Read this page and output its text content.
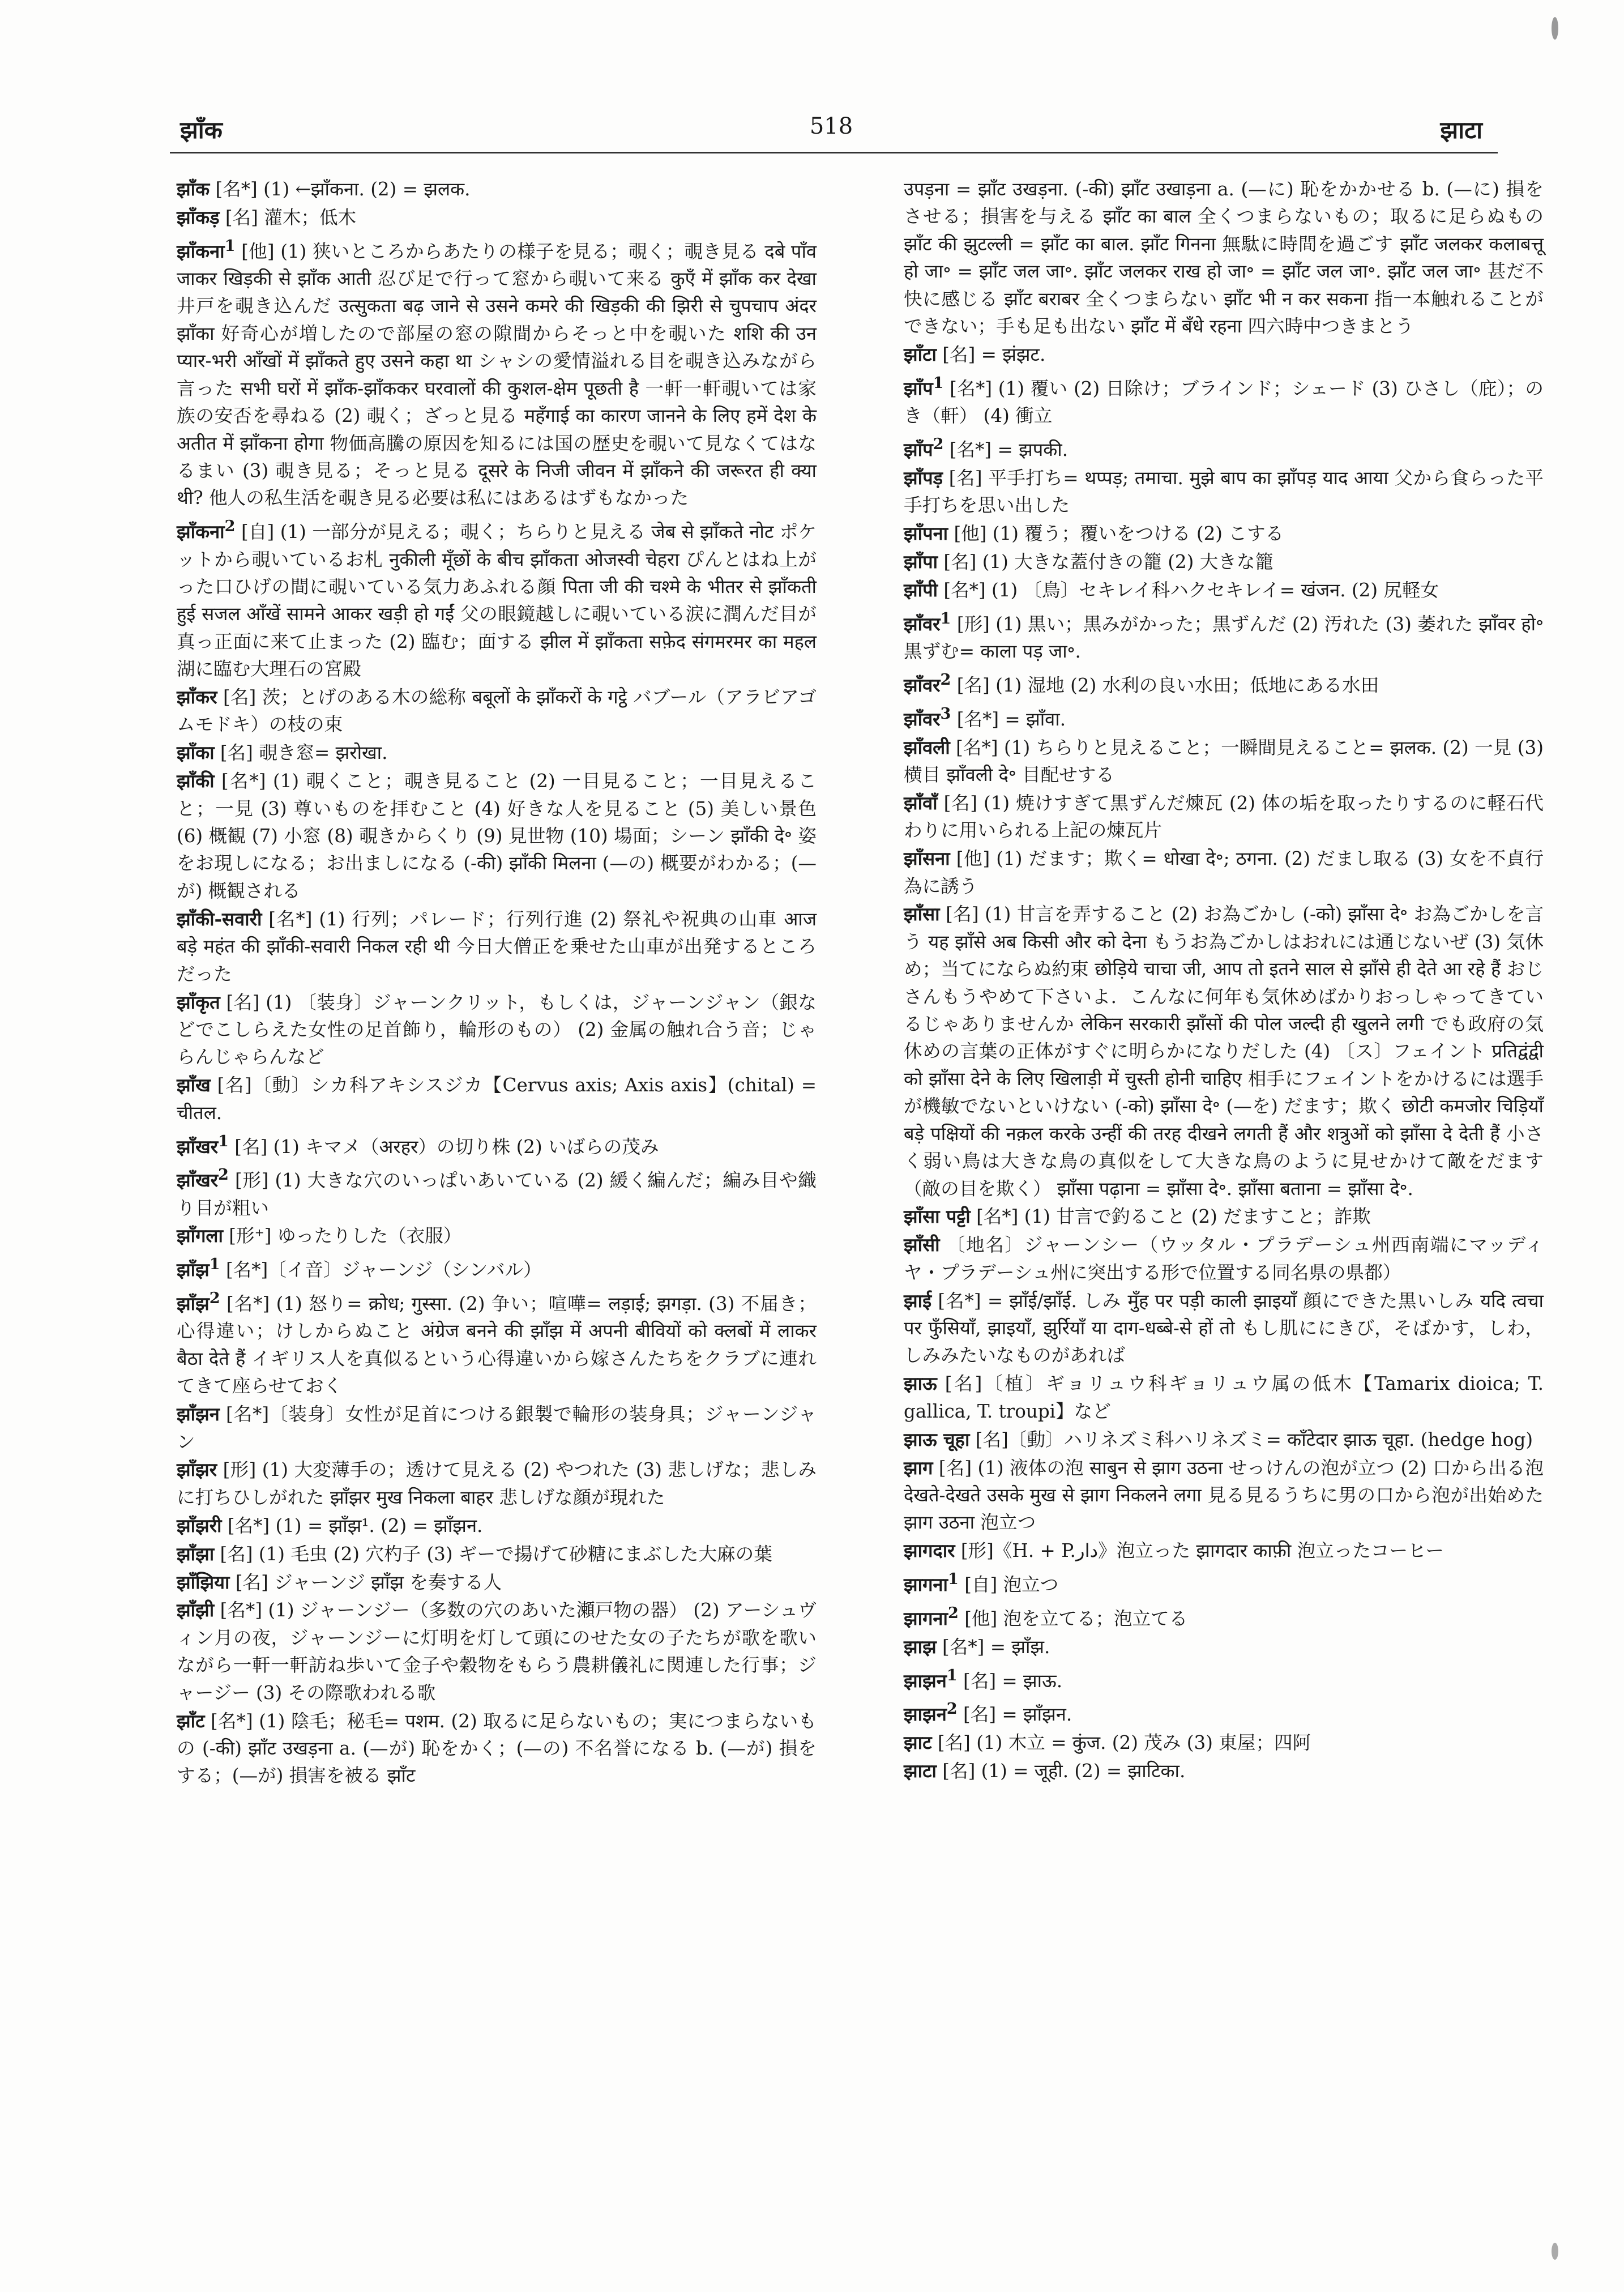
झाँक	518	झाटा

झाँक [名*] (1) ←झाँकना. (2) = झलक.

झाँकड़ [名] 灌木；低木

झाँकना$^1$ [他] (1) 狭いところからあたりの様子を見る；覗く；覗き見る दबे पाँव जाकर खिड़की से झाँक आती 忍び足で行って窓から覗いて来る कुएँ में झाँक कर देखा 井戸を覗き込んだ उत्सुकता बढ़ जाने से उसने कमरे की खिड़की की झिरी से चुपचाप अंदर झाँका 好奇心が増したので部屋の窓の隙間からそっと中を覗いた शशि की उन प्यार-भरी आँखों में झाँकते हुए उसने कहा था シャシの愛情溢れる目を覗き込みながら言った सभी घरों में झाँक-झाँककर घरवालों की कुशल-क्षेम पूछती है 一軒一軒覗いては家族の安否を尋ねる (2) 覗く；ざっと見る महँगाई का कारण जानने के लिए हमें देश के अतीत में झाँकना होगा 物価高騰の原因を知るには国の歴史を覗いて見なくてはなるまい (3) 覗き見る；そっと見る दूसरे के निजी जीवन में झाँकने की जरूरत ही क्या थी? 他人の私生活を覗き見る必要は私にはあるはずもなかった

झाँकना$^2$ [自] (1) 一部分が見える；覗く；ちらりと見える जेब से झाँकते नोट ポケットから覗いているお札 नुकीली मूँछों के बीच झाँकता ओजस्वी चेहरा ぴんとはね上がった口ひげの間に覗いている気力あふれる顔 पिता जी की चश्मे के भीतर से झाँकती हुई सजल आँखें सामने आकर खड़ी हो गईं 父の眼鏡越しに覗いている涙に潤んだ目が真っ正面に来て止まった (2) 臨む；面する झील में झाँकता सफ़ेद संगमरमर का महल 湖に臨む大理石の宮殿

झाँकर [名] 茨；とげのある木の総称 बबूलों के झाँकरों के गट्ठे バブール（アラビアゴムモドキ）の枝の束

झाँका [名] 覗き窓= झरोखा.

झाँकी [名*] (1) 覗くこと；覗き見ること (2) 一目見ること；一目見えること；一見 (3) 尊いものを拝むこと (4) 好きな人を見ること (5) 美しい景色 (6) 概観 (7) 小窓 (8) 覗きからくり (9) 見世物 (10) 場面；シーン झाँकी दे॰ 姿をお現しになる；お出ましになる (-की) झाँकी मिलना (—の) 概要がわかる；(—が) 概観される

झाँकी-सवारी [名*] (1) 行列；パレード；行列行進 (2) 祭礼や祝典の山車 आज बड़े महंत की झाँकी-सवारी निकल रही थी 今日大僧正を乗せた山車が出発するところだった

झाँकृत [名] (1) 〔装身〕ジャーンクリット，もしくは，ジャーンジャン（銀などでこしらえた女性の足首飾り，輪形のもの） (2) 金属の触れ合う音；じゃらんじゃらんなど

झाँख [名]〔動〕シカ科アキシスジカ【Cervus axis; Axis axis】(chital) = चीतल.

झाँखर$^1$ [名] (1) キマメ（अरहर）の切り株 (2) いばらの茂み

झाँखर$^2$ [形] (1) 大きな穴のいっぱいあいている (2) 緩く編んだ；編み目や織り目が粗い

झाँगला [形⁺] ゆったりした（衣服）

झाँझ$^1$ [名*]〔イ音〕ジャーンジ（シンバル）

झाँझ$^2$ [名*] (1) 怒り= क्रोध; गुस्सा. (2) 争い；喧嘩= लड़ाई; झगड़ा. (3) 不届き；心得違い；けしからぬこと अंग्रेज बनने की झाँझ में अपनी बीवियों को क्लबों में लाकर बैठा देते हैं イギリス人を真似るという心得違いから嫁さんたちをクラブに連れてきて座らせておく

झाँझन [名*]〔装身〕女性が足首につける銀製で輪形の装身具；ジャーンジャン

झाँझर [形] (1) 大変薄手の；透けて見える (2) やつれた (3) 悲しげな；悲しみに打ちひしがれた झाँझर मुख निकला बाहर 悲しげな顔が現れた

झाँझरी [名*] (1) = झाँझ¹. (2) = झाँझन.

झाँझा [名] (1) 毛虫 (2) 穴杓子 (3) ギーで揚げて砂糖にまぶした大麻の葉

झाँझिया [名] ジャーンジ झाँझ を奏する人

झाँझी [名*] (1) ジャーンジー（多数の穴のあいた瀬戸物の器） (2) アーシュヴィン月の夜，ジャーンジーに灯明を灯して頭にのせた女の子たちが歌を歌いながら一軒一軒訪ね歩いて金子や穀物をもらう農耕儀礼に関連した行事；ジャージー (3) その際歌われる歌

झाँट [名*] (1) 陰毛；秘毛= पशम. (2) 取るに足らないもの；実につまらないもの (-की) झाँट उखड़ना a. (—が) 恥をかく；(—の) 不名誉になる b. (—が) 損をする；(—が) 損害を被る झाँट

उपड़ना = झाँट उखड़ना. (-की) झाँट उखाड़ना a. (—に) 恥をかかせる b. (—に) 損をさせる；損害を与える झाँट का बाल 全くつまらないもの；取るに足らぬもの झाँट की झुटल्ली = झाँट का बाल. झाँट गिनना 無駄に時間を過ごす झाँट जलकर कलाबत्तू हो जा॰ = झाँट जल जा॰. झाँट जलकर राख हो जा॰ = झाँट जल जा॰. झाँट जल जा॰ 甚だ不快に感じる झाँट बराबर 全くつまらない झाँट भी न कर सकना 指一本触れることができない；手も足も出ない झाँट में बँधे रहना 四六時中つきまとう

झाँटा [名] = झंझट.

झाँप$^1$ [名*] (1) 覆い (2) 日除け；ブラインド；シェード (3) ひさし（庇）；のき（軒） (4) 衝立

झाँप$^2$ [名*] = झपकी.

झाँपड़ [名] 平手打ち= थप्पड़; तमाचा. मुझे बाप का झाँपड़ याद आया 父から食らった平手打ちを思い出した

झाँपना [他] (1) 覆う；覆いをつける (2) こする

झाँपा [名] (1) 大きな蓋付きの籠 (2) 大きな籠

झाँपी [名*] (1) 〔鳥〕セキレイ科ハクセキレイ= खंजन. (2) 尻軽女

झाँवर$^1$ [形] (1) 黒い；黒みがかった；黒ずんだ (2) 汚れた (3) 萎れた झाँवर हो॰ 黒ずむ= काला पड़ जा॰.

झाँवर$^2$ [名] (1) 湿地 (2) 水利の良い水田；低地にある水田

झाँवर$^3$ [名*] = झाँवा.

झाँवली [名*] (1) ちらりと見えること；一瞬間見えること= झलक. (2) 一見 (3) 横目 झाँवली दे॰ 目配せする

झाँवाँ [名] (1) 焼けすぎて黒ずんだ煉瓦 (2) 体の垢を取ったりするのに軽石代わりに用いられる上記の煉瓦片

झाँसना [他] (1) だます；欺く= धोखा दे॰; ठगना. (2) だまし取る (3) 女を不貞行為に誘う

झाँसा [名] (1) 甘言を弄すること (2) お為ごかし (-को) झाँसा दे॰ お為ごかしを言う यह झाँसे अब किसी और को देना もうお為ごかしはおれには通じないぜ (3) 気休め；当てにならぬ約束 छोड़िये चाचा जी, आप तो इतने साल से झाँसे ही देते आ रहे हैं おじさんもうやめて下さいよ．こんなに何年も気休めばかりおっしゃってきているじゃありませんか लेकिन सरकारी झाँसों की पोल जल्दी ही खुलने लगी でも政府の気休めの言葉の正体がすぐに明らかになりだした (4) 〔ス〕フェイント प्रतिद्वंद्वी को झाँसा देने के लिए खिलाड़ी में चुस्ती होनी चाहिए 相手にフェイントをかけるには選手が機敏でないといけない (-को) झाँसा दे॰ (—を) だます；欺く छोटी कमजोर चिड़ियाँ बड़े पक्षियों की नक़ल करके उन्हीं की तरह दीखने लगती हैं और शत्रुओं को झाँसा दे देती हैं 小さく弱い鳥は大きな鳥の真似をして大きな鳥のように見せかけて敵をだます（敵の目を欺く） झाँसा पढ़ाना = झाँसा दे॰. झाँसा बताना = झाँसा दे॰.

झाँसा पट्टी [名*] (1) 甘言で釣ること (2) だますこと；詐欺

झाँसी 〔地名〕ジャーンシー（ウッタル・プラデーシュ州西南端にマッディヤ・プラデーシュ州に突出する形で位置する同名県の県都）

झाई [名*] = झाँई/झाँई. しみ मुँह पर पड़ी काली झाइयाँ 顔にできた黒いしみ यदि त्वचा पर फुँसियाँ, झाइयाँ, झुर्रियाँ या दाग-धब्बे-से हों तो もし肌ににきび，そばかす，しわ，しみみたいなものがあれば

झाऊ [名]〔植〕ギョリュウ科ギョリュウ属の低木【Tamarix dioica; T. gallica, T. troupi】など

झाऊ चूहा [名]〔動〕ハリネズミ科ハリネズミ= काँटेदार झाऊ चूहा. (hedge hog)

झाग [名] (1) 液体の泡 साबुन से झाग उठना せっけんの泡が立つ (2) 口から出る泡 देखते-देखते उसके मुख से झाग निकलने लगा 見る見るうちに男の口から泡が出始めた झाग उठना 泡立つ

झागदार [形]《H. + P.دار》泡立った झागदार काफ़ी 泡立ったコーヒー

झागना$^1$ [自] 泡立つ

झागना$^2$ [他] 泡を立てる；泡立てる

झाझ [名*] = झाँझ.

झाझन$^1$ [名] = झाऊ.

झाझन$^2$ [名] = झाँझन.

झाट [名] (1) 木立 = कुंज. (2) 茂み (3) 東屋；四阿

झाटा [名] (1) = जूही. (2) = झाटिका.
